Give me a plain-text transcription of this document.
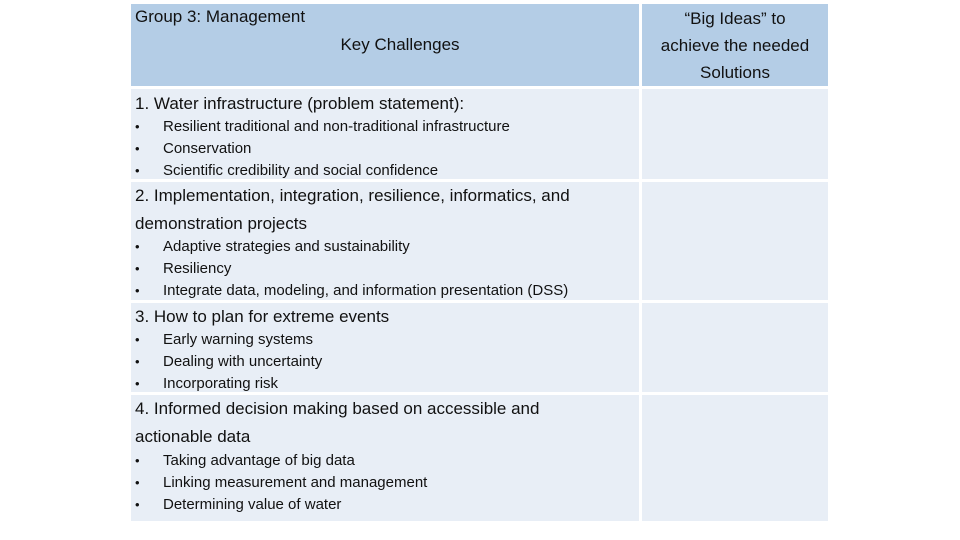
Group 3: Management
Key Challenges
“Big Ideas” to
achieve the needed
Solutions
1. Water infrastructure (problem statement):
• Resilient traditional and non-traditional infrastructure
• Conservation
• Scientific credibility and social confidence
2. Implementation, integration, resilience, informatics, and
demonstration projects
• Adaptive strategies and sustainability
• Resiliency
• Integrate data, modeling, and information presentation (DSS)
3. How to plan for extreme events
• Early warning systems
• Dealing with uncertainty
• Incorporating risk
4. Informed decision making based on accessible and
actionable data
• Taking advantage of big data
• Linking measurement and management
• Determining value of water
